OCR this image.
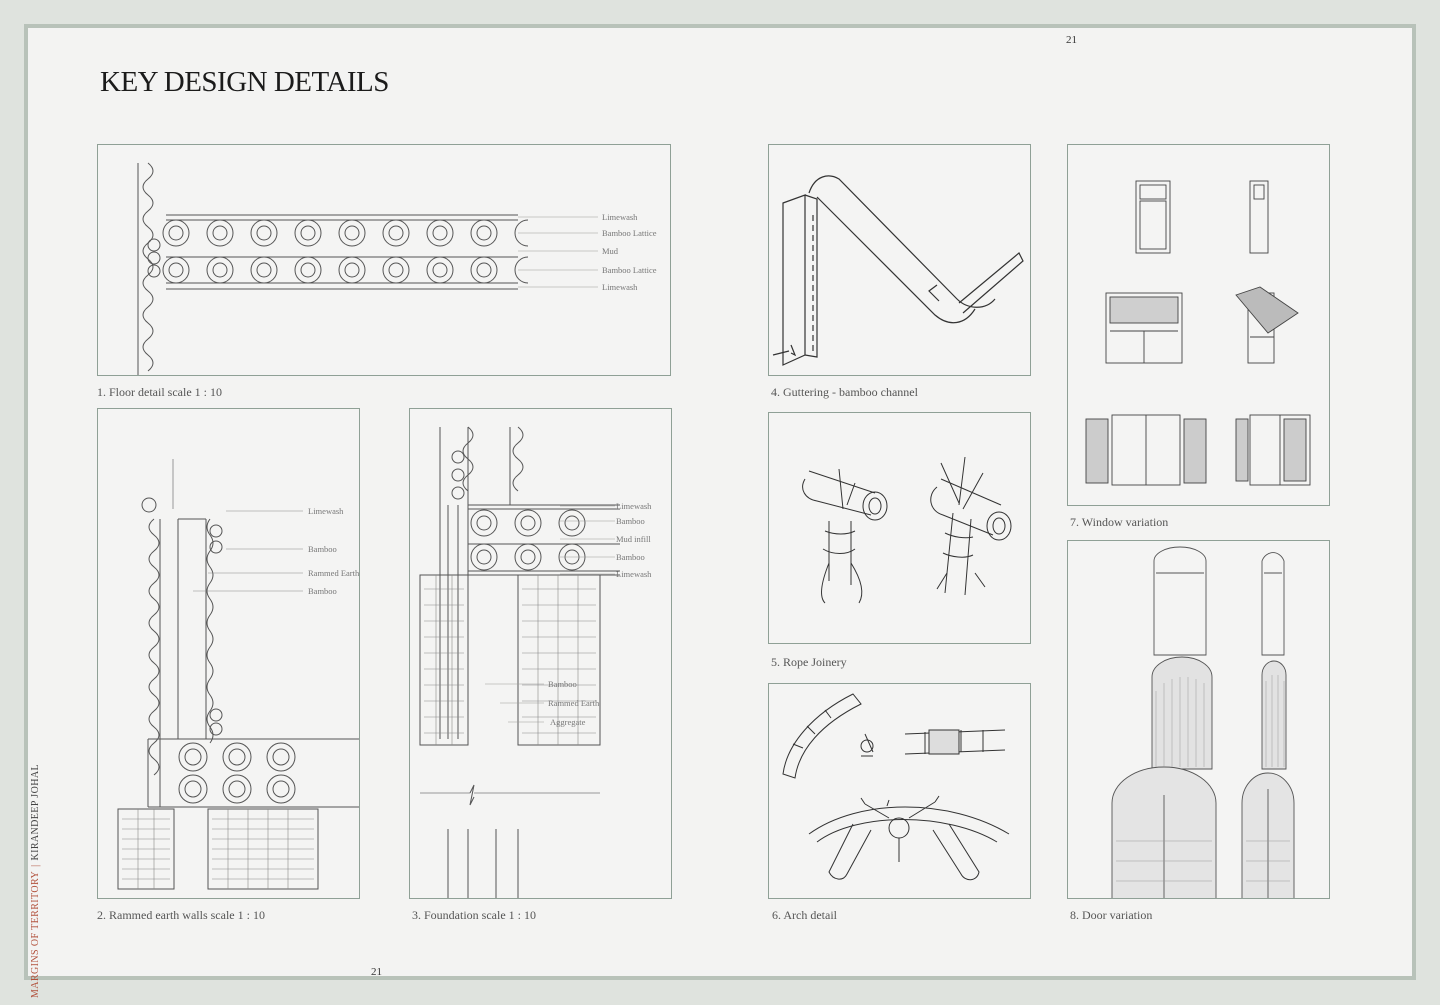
KEY DESIGN DETAILS
21
21
MARGINS OF TERRITORY|KIRANDEEP JOHAL
Limewash
Bamboo Lattice
Mud
Bamboo Lattice
Limewash
1. Floor detail scale 1 : 10
Limewash
Bamboo
Rammed Earth
Bamboo
2. Rammed earth walls scale 1 : 10
Limewash
Bamboo
Mud infill
Bamboo
Limewash
Bamboo
Rammed Earth
Aggregate
3. Foundation scale 1 : 10
4. Guttering - bamboo channel
5. Rope Joinery
6. Arch detail
7. Window variation
8. Door variation
